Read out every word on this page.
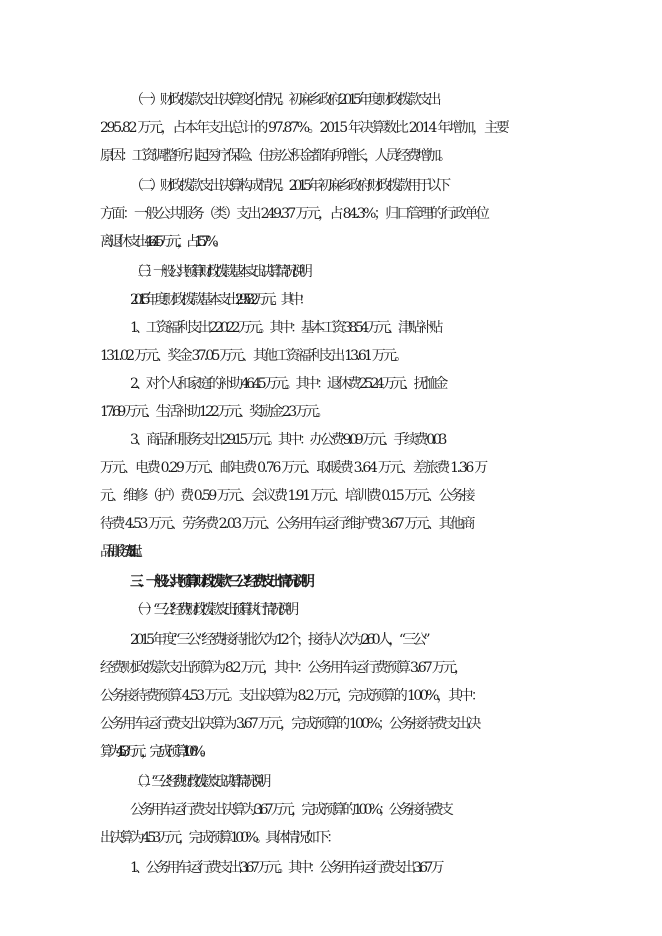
（一）财政拨款支出决算变化情况。初麻乡政府 2015 年度财政拨款支出
295.82 万元，占本年支出总计的 97.87%。2015 年决算数比 2014 年增加，主要
原因：工资调整所引起医疗保险、住房公积金都有所增长，人员经费增加。
（二）财政拨款支出决算构成情况。2015 年初麻乡政府财政拨款用于以下
方面：一般公共服务（类）支出 249.37 万元，占 84.3%；归口管理的行政单位
离退休支出 46.45 万元，占 15.7%。
（三）一般公共预算财政拨款基本支出决算情况说明
2015 年度财政拨款基本支出 295.82 万元。其中：
1、工资福利支出 220.22 万元。其中：基本工资 38.54 万元、津贴补贴
131.02 万元、奖金 37.05 万元、其他工资福利支出 13.61 万元。
2、对个人和家庭的补助 46.45 万元。其中：退休费 25.24 万元、抚恤金
17.69 万元、生活补助 1.22 万元、奖励金 2.3 万元。
3、商品和服务支出 29.15 万元。其中：办公费 9.09 万元、手续费 0.03
万元、电费 0.29 万元、邮电费 0.76 万元、取暖费 3.64 万元、差旅费 1.36 万
元、维修（护）费 0.59 万元、会议费 1.91 万元、培训费 0.15 万元、公务接
待费 4.53 万元、劳务费 2.03 万元、公务用车运行维护费 3.67 万元、其他商
品和服务支出 1.1 万元。
三、一般公共预算财政拨款“三公”经费支出情况说明
（一）“三公”经费财政拨款支出预算执行情况说明
2015 年度“三公”经费接待批次为 12 个，接待人次为 260 人，“三公”
经费财政拨款支出预算为 8.2 万元，其中：公务用车运行费预算 3.67 万元，
公务接待费预算 4.53 万元。支出决算为 8.2 万元，完成预算的 100%，其中：
公务用车运行费支出决算为 3.67 万元，完成预算的 100%；公务接待费支出决
算为 4.53 万元，完成预算 100%。
（二）“三公”经费财政拨款支出决算情况说明
公务用车运行费支出决算为 3.67 万元，完成预算的 100%；公务接待费支
出决算为 4.53 万元，完成预算 100%。具体情况如下：
1、公务用车运行费支出 3.67 万元。其中：公务用车运行费支出 3.67 万
